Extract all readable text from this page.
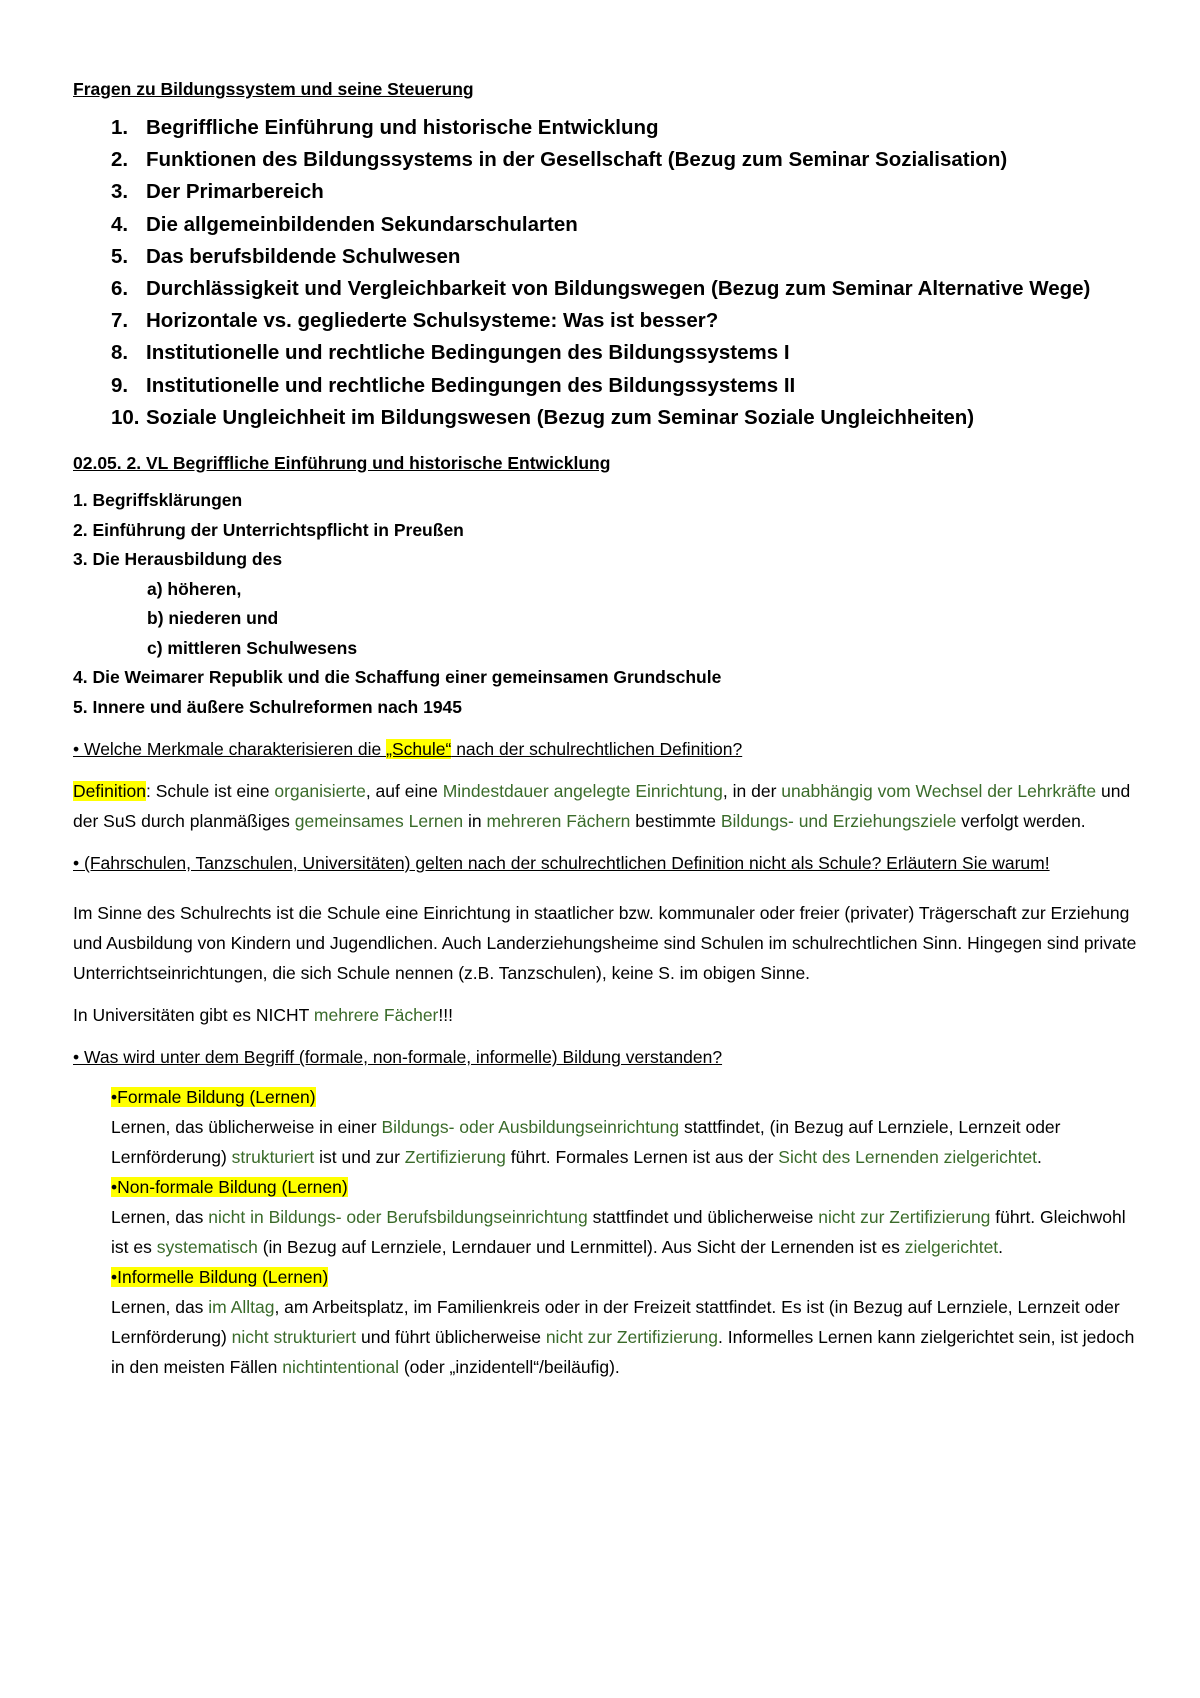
Fragen zu Bildungssystem und seine Steuerung
1. Begriffliche Einführung und historische Entwicklung
2. Funktionen des Bildungssystems in der Gesellschaft (Bezug zum Seminar Sozialisation)
3. Der Primarbereich
4. Die allgemeinbildenden Sekundarschularten
5. Das berufsbildende Schulwesen
6. Durchlässigkeit und Vergleichbarkeit von Bildungswegen (Bezug zum Seminar Alternative Wege)
7. Horizontale vs. gegliederte Schulsysteme: Was ist besser?
8. Institutionelle und rechtliche Bedingungen des Bildungssystems I
9. Institutionelle und rechtliche Bedingungen des Bildungssystems II
10. Soziale Ungleichheit im Bildungswesen (Bezug zum Seminar Soziale Ungleichheiten)
02.05. 2. VL Begriffliche Einführung und historische Entwicklung
1. Begriffsklärungen
2. Einführung der Unterrichtspflicht in Preußen
3. Die Herausbildung des
a) höheren,
b) niederen und
c) mittleren Schulwesens
4. Die Weimarer Republik und die Schaffung einer gemeinsamen Grundschule
5. Innere und äußere Schulreformen nach 1945
• Welche Merkmale charakterisieren die „Schule“ nach der schulrechtlichen Definition?
Definition: Schule ist eine organisierte, auf eine Mindestdauer angelegte Einrichtung, in der unabhängig vom Wechsel der Lehrkräfte und der SuS durch planmäßiges gemeinsames Lernen in mehreren Fächern bestimmte Bildungs- und Erziehungsziele verfolgt werden.
• (Fahrschulen, Tanzschulen, Universitäten) gelten nach der schulrechtlichen Definition nicht als Schule? Erläutern Sie warum!
Im Sinne des Schulrechts ist die Schule eine Einrichtung in staatlicher bzw. kommunaler oder freier (privater) Trägerschaft zur Erziehung und Ausbildung von Kindern und Jugendlichen. Auch Landerziehungsheime sind Schulen im schulrechtlichen Sinn. Hingegen sind private Unterrichtseinrichtungen, die sich Schule nennen (z.B. Tanzschulen), keine S. im obigen Sinne.
In Universitäten gibt es NICHT mehrere Fächer!!!
• Was wird unter dem Begriff (formale, non-formale, informelle) Bildung verstanden?
•Formale Bildung (Lernen)
Lernen, das üblicherweise in einer Bildungs- oder Ausbildungseinrichtung stattfindet, (in Bezug auf Lernziele, Lernzeit oder Lernförderung) strukturiert ist und zur Zertifizierung führt. Formales Lernen ist aus der Sicht des Lernenden zielgerichtet.
•Non-formale Bildung (Lernen)
Lernen, das nicht in Bildungs- oder Berufsbildungseinrichtung stattfindet und üblicherweise nicht zur Zertifizierung führt. Gleichwohl ist es systematisch (in Bezug auf Lernziele, Lerndauer und Lernmittel). Aus Sicht der Lernenden ist es zielgerichtet.
•Informelle Bildung (Lernen)
Lernen, das im Alltag, am Arbeitsplatz, im Familienkreis oder in der Freizeit stattfindet. Es ist (in Bezug auf Lernziele, Lernzeit oder Lernförderung) nicht strukturiert und führt üblicherweise nicht zur Zertifizierung. Informelles Lernen kann zielgerichtet sein, ist jedoch in den meisten Fällen nichtintentional (oder „inzidentell“/beiläufig).
